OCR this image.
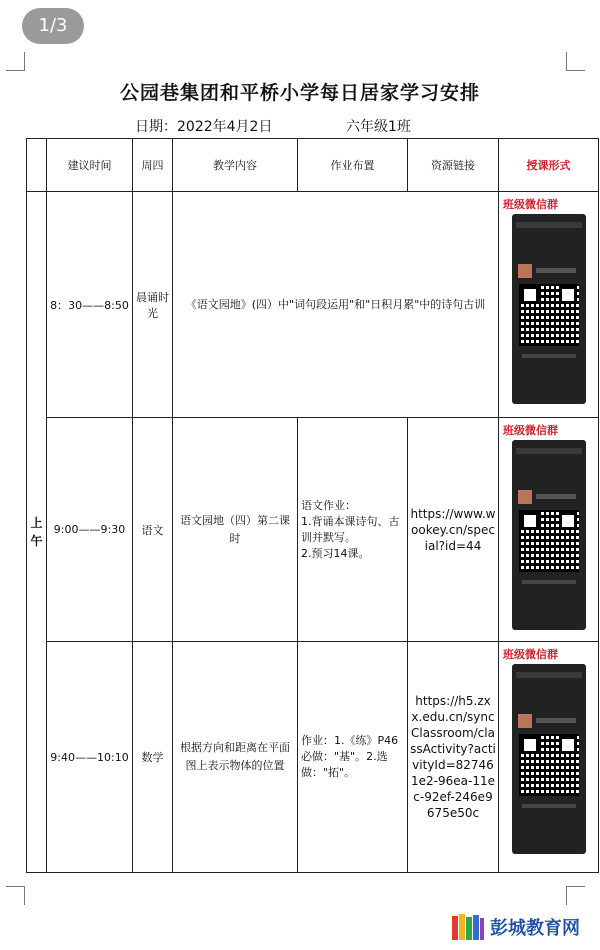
1/3
公园巷集团和平桥小学每日居家学习安排
日期：2022年4月2日	六年级1班
	建议时间	周四	教学内容	作业布置	资源链接	授课形式
上午	8：30——8:50	晨诵时光	《语文园地》(四）中"词句段运用"和"日积月累"中的诗句古训			班级微信群

	9:00——9:30	语文	语文园地（四）第二课时	语文作业：
1.背诵本课诗句、古训并默写。
2.预习14课。	https://www.wookey.cn/special?id=44	班级微信群

	9:40——10:10	数学	根据方向和距离在平面图上表示物体的位置	作业：1.《练》P46必做："基"。2.选做："拓"。	https://h5.zxx.edu.cn/syncClassroom/classActivity?activityId=827461e2-96ea-11ec-92ef-246e9675e50c	班级微信群
彭城教育网
